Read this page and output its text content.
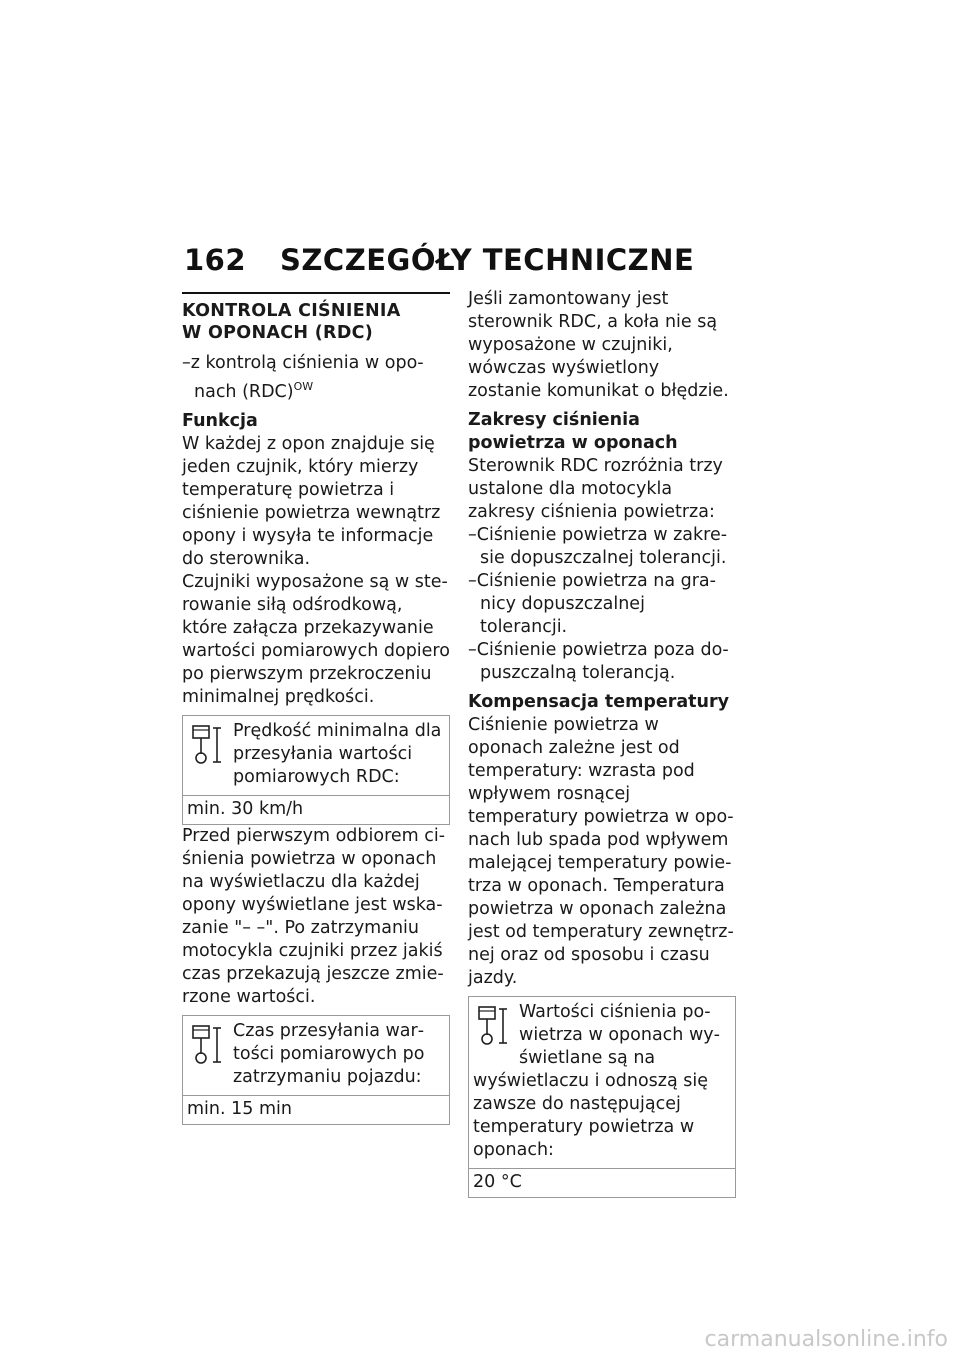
162 SZCZEGÓŁY TECHNICZNE
KONTROLA CIŚNIENIA
W OPONACH (RDC)

–z kontrolą ciśnienia w oponach (RDC)$^{OW}$

Funkcja

W każdej z opon znajduje się jeden czujnik, który mierzy temperaturę powietrza i ciśnienie powietrza wewnątrz opony i wysyła te informacje do sterownika.

Czujniki wyposażone są w sterowanie siłą odśrodkową, które załącza przekazywanie wartości pomiarowych dopiero po pierwszym przekroczeniu minimalnej prędkości.

Prędkość minimalna dla przesyłania wartości pomiarowych RDC:
min. 30 km/h

Przed pierwszym odbiorem ciśnienia powietrza w oponach na wyświetlaczu dla każdej opony wyświetlane jest wskazanie "– –". Po zatrzymaniu motocykla czujniki przez jakiś czas przekazują jeszcze zmierzone wartości.

Czas przesyłania wartości pomiarowych po zatrzymaniu pojazdu:
min. 15 min

Jeśli zamontowany jest sterownik RDC, a koła nie są wyposażone w czujniki, wówczas wyświetlony zostanie komunikat o błędzie.

Zakresy ciśnienia powietrza w oponach

Sterownik RDC rozróżnia trzy ustalone dla motocykla zakresy ciśnienia powietrza:

–Ciśnienie powietrza w zakresie dopuszczalnej tolerancji.

–Ciśnienie powietrza na granicy dopuszczalnej tolerancji.

–Ciśnienie powietrza poza dopuszczalną tolerancją.

Kompensacja temperatury

Ciśnienie powietrza w oponach zależne jest od temperatury: wzrasta pod wpływem rosnącej temperatury powietrza w oponach lub spada pod wpływem malejącej temperatury powietrza w oponach. Temperatura powietrza w oponach zależna jest od temperatury zewnętrznej oraz od sposobu i czasu jazdy.

Wartości ciśnienia powietrza w oponach wyświetlane są na wyświetlaczu i odnoszą się zawsze do następującej temperatury powietrza w oponach:
20 °C
carmanualsonline.info
